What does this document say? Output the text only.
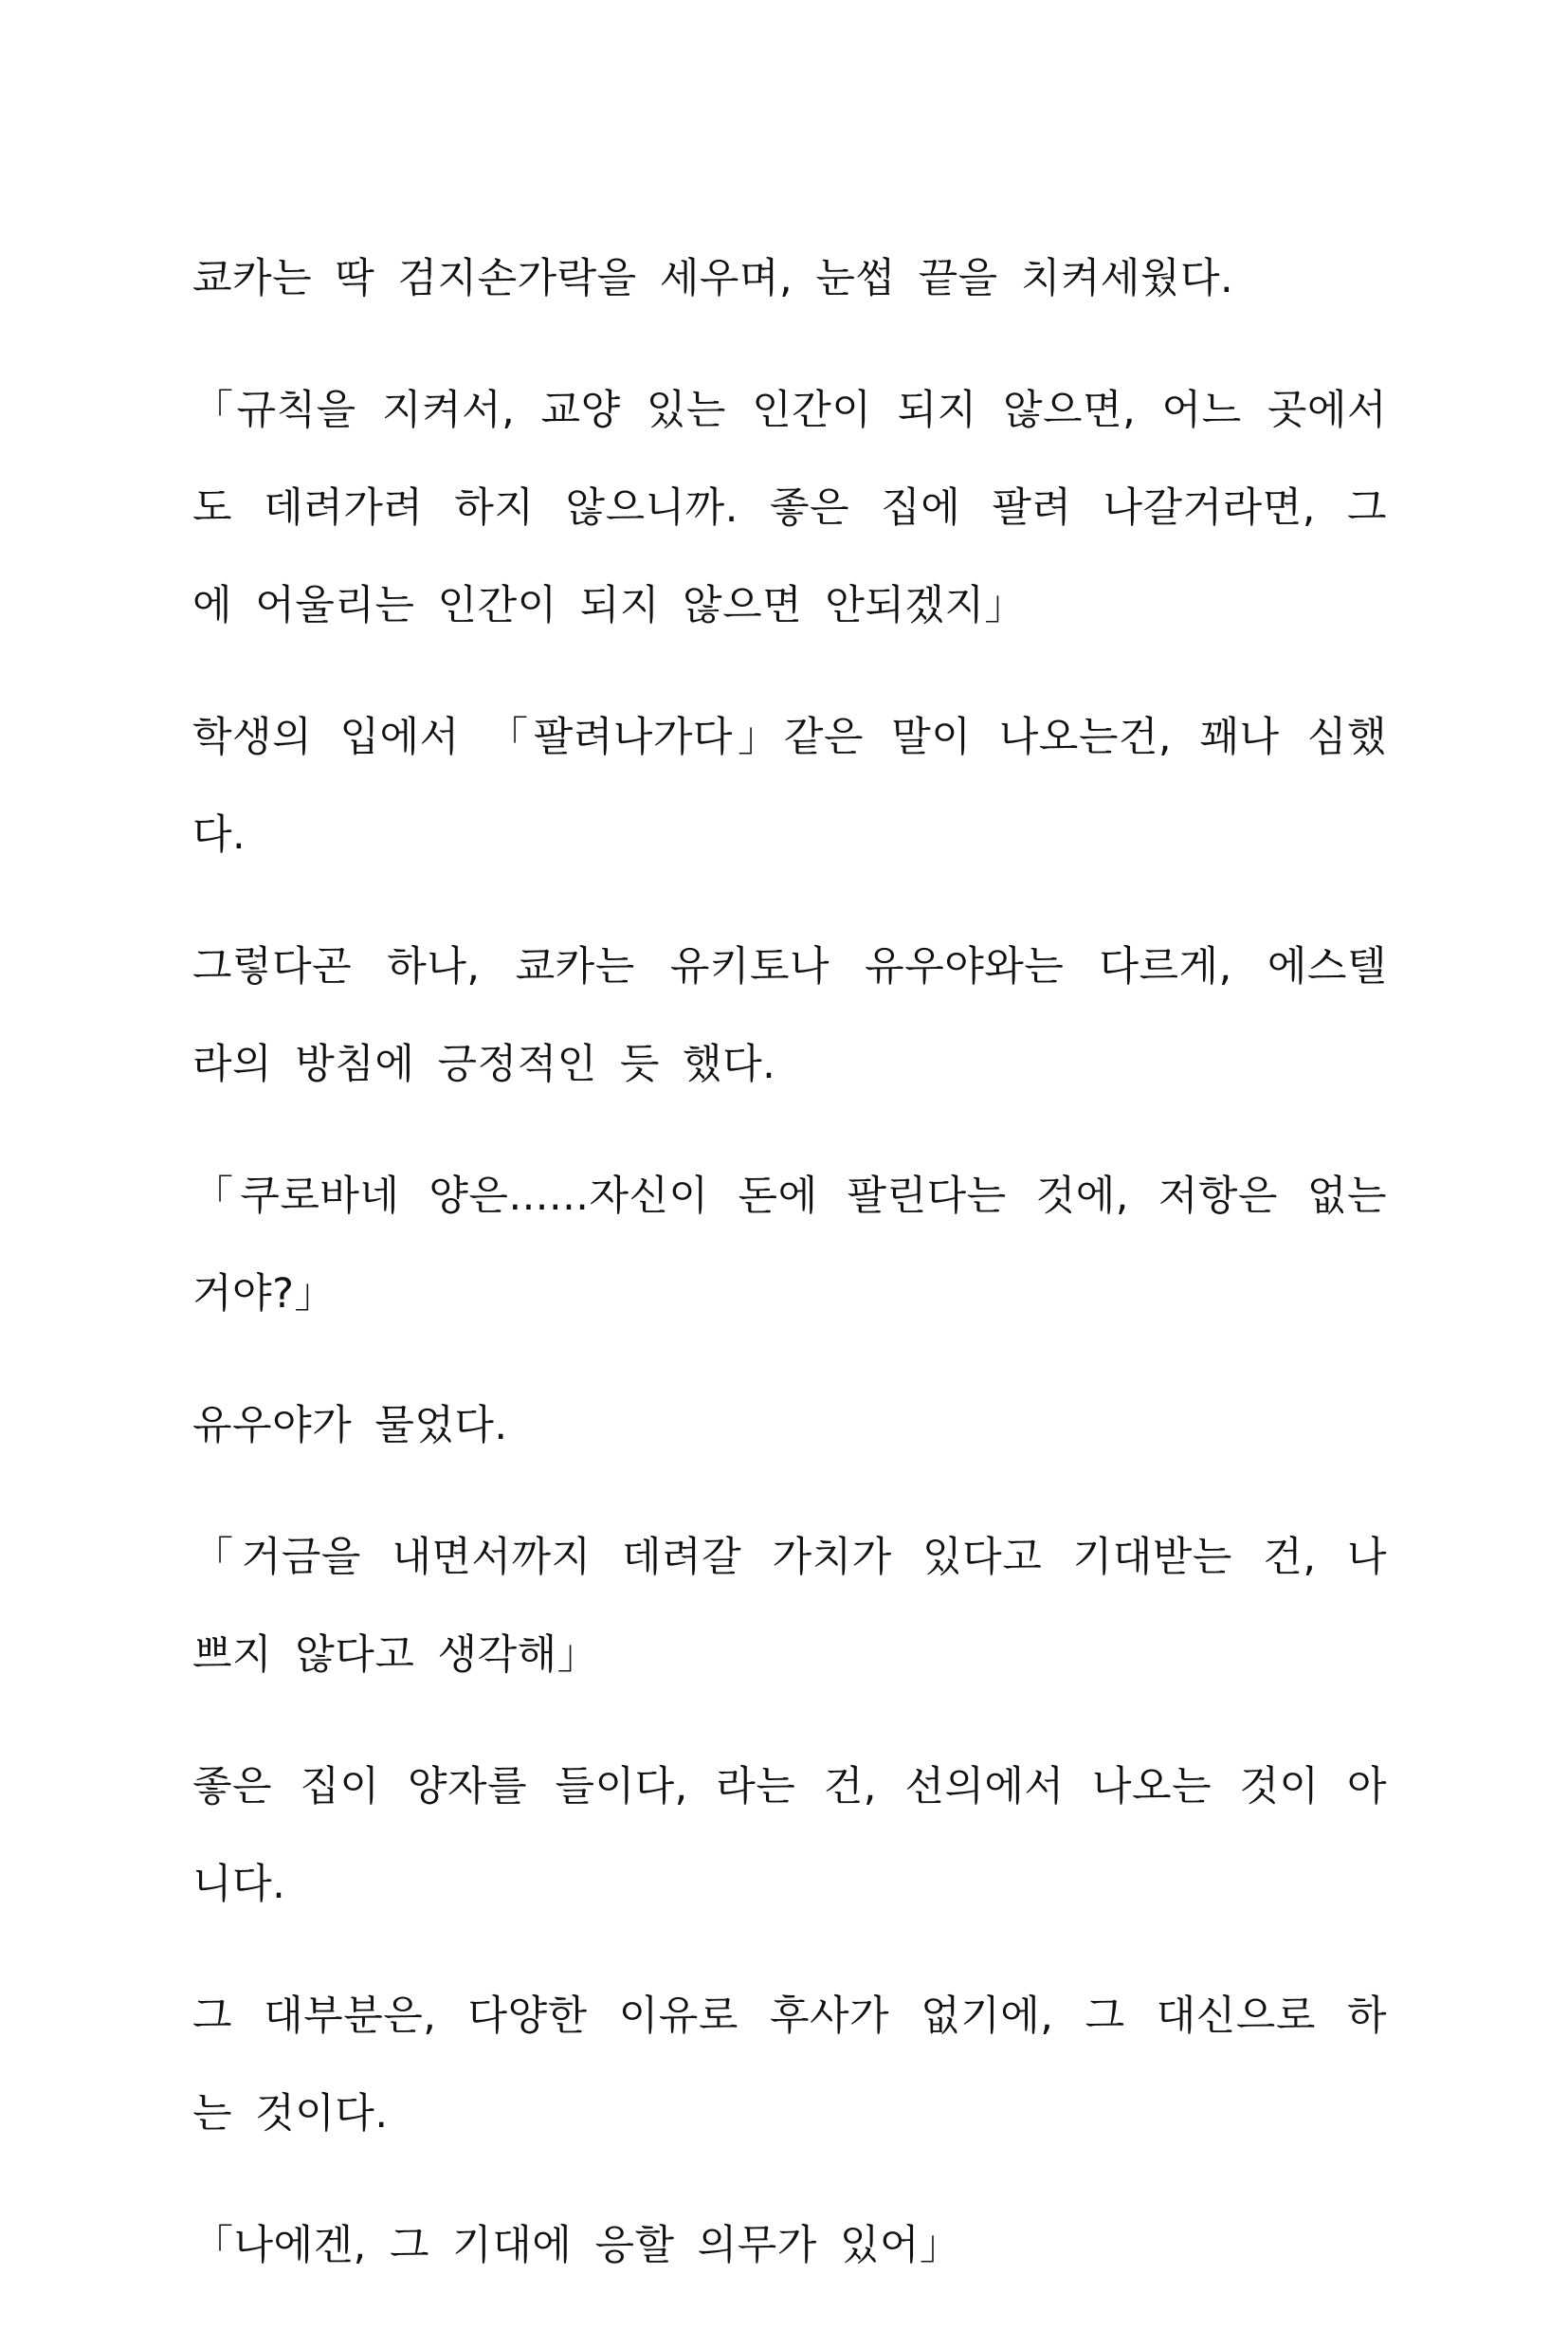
쿄카는 딱 검지손가락을 세우며, 눈썹 끝을 치켜세웠다.

「규칙을 지켜서, 교양 있는 인간이 되지 않으면, 어느 곳에서
도 데려가려 하지 않으니까. 좋은 집에 팔려 나갈거라면, 그
에 어울리는 인간이 되지 않으면 안되겠지」

학생의 입에서 「팔려나가다」같은 말이 나오는건, 꽤나 심했
다.

그렇다곤 하나, 쿄카는 유키토나 유우야와는 다르게, 에스텔
라의 방침에 긍정적인 듯 했다.

「쿠로바네 양은......자신이 돈에 팔린다는 것에, 저항은 없는
거야?」

유우야가 물었다.

「거금을 내면서까지 데려갈 가치가 있다고 기대받는 건, 나
쁘지 않다고 생각해」

좋은 집이 양자를 들이다, 라는 건, 선의에서 나오는 것이 아
니다.

그 대부분은, 다양한 이유로 후사가 없기에, 그 대신으로 하
는 것이다.

「나에겐, 그 기대에 응할 의무가 있어」
